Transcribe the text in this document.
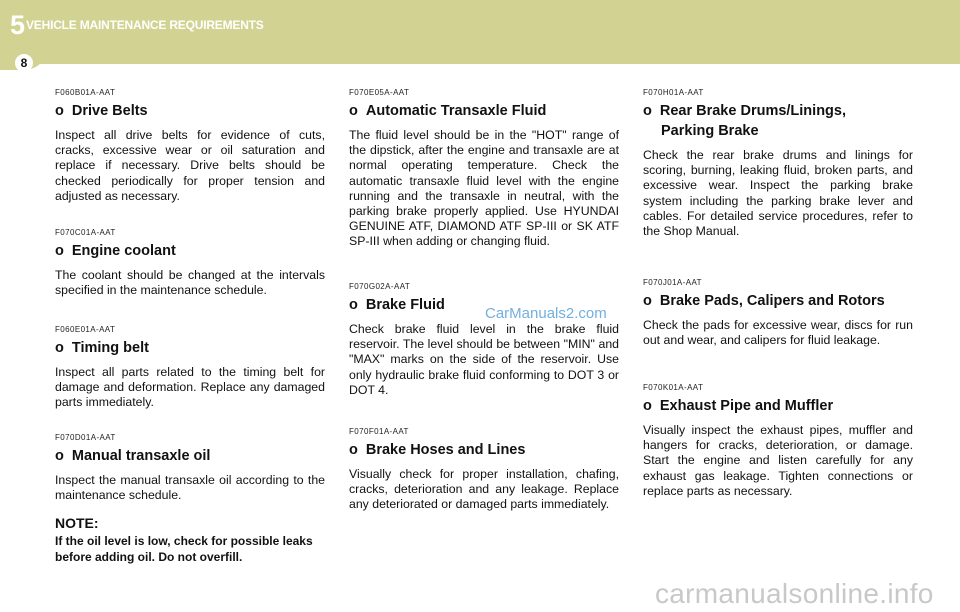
5 VEHICLE MAINTENANCE REQUIREMENTS
8

F060B01A-AAT

o Drive Belts

Inspect all drive belts for evidence of cuts, cracks, excessive wear or oil saturation and replace if necessary. Drive belts should be checked periodically for proper tension and adjusted as necessary.

F070C01A-AAT

o Engine coolant

The coolant should be changed at the intervals specified in the maintenance schedule.

F060E01A-AAT

o Timing belt

Inspect all parts related to the timing belt for damage and deformation. Replace any damaged parts immediately.

F070D01A-AAT

o Manual transaxle oil

Inspect the manual transaxle oil according to the maintenance schedule.

NOTE:

If the oil level is low, check for possible leaks before adding oil. Do not overfill.

F070E05A-AAT

o Automatic Transaxle Fluid

The fluid level should be in the "HOT" range of the dipstick, after the engine and transaxle are at normal operating temperature. Check the automatic transaxle fluid level with the engine running and the transaxle in neutral, with the parking brake properly applied. Use HYUNDAI GENUINE ATF, DIAMOND ATF SP-III or SK ATF SP-III when adding or changing fluid.

F070G02A-AAT

o Brake Fluid

Check brake fluid level in the brake fluid reservoir. The level should be between "MIN" and "MAX" marks on the side of the reservoir. Use only hydraulic brake fluid conforming to DOT 3 or DOT 4.

F070F01A-AAT

o Brake Hoses and Lines

Visually check for proper installation, chafing, cracks, deterioration and any leakage. Replace any deteriorated or damaged parts immediately.

F070H01A-AAT

o Rear Brake Drums/Linings,

Parking Brake

Check the rear brake drums and linings for scoring, burning, leaking fluid, broken parts, and excessive wear. Inspect the parking brake system including the parking brake lever and cables. For detailed service procedures, refer to the Shop Manual.

F070J01A-AAT

o Brake Pads, Calipers and Rotors

Check the pads for excessive wear, discs for run out and wear, and calipers for fluid leakage.

F070K01A-AAT

o Exhaust Pipe and Muffler

Visually inspect the exhaust pipes, muffler and hangers for cracks, deterioration, or damage. Start the engine and listen carefully for any exhaust gas leakage. Tighten connections or replace parts as necessary.

CarManuals2.com
carmanualsonline.info
